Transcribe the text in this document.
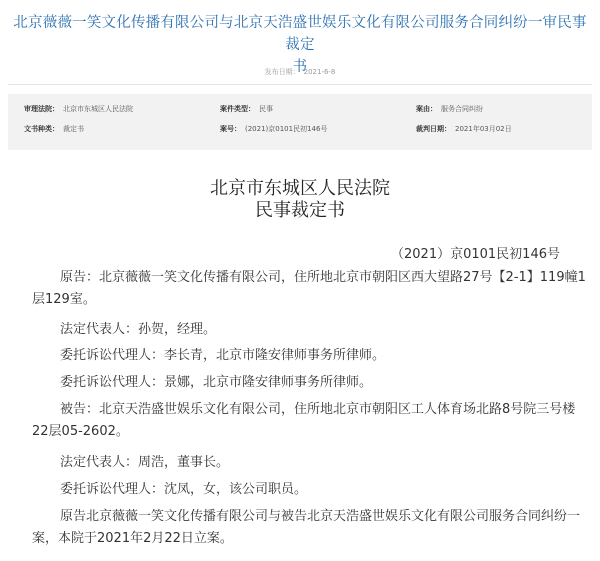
北京薇薇一笑文化传播有限公司与北京天浩盛世娱乐文化有限公司服务合同纠纷一审民事裁定
书
发布日期： 2021-6-8
审理法院： 北京市东城区人民法院	案件类型： 民事	案由： 服务合同纠纷
文书种类： 裁定书	案号： (2021)京0101民初146号	裁判日期： 2021年03月02日
北京市东城区人民法院
民事裁定书
（2021）京0101民初146号
原告：北京薇薇一笑文化传播有限公司，住所地北京市朝阳区西大望路27号【2-1】119幢1层129室。
法定代表人：孙贺，经理。
委托诉讼代理人：李长青，北京市隆安律师事务所律师。
委托诉讼代理人：景娜，北京市隆安律师事务所律师。
被告：北京天浩盛世娱乐文化有限公司，住所地北京市朝阳区工人体育场北路8号院三号楼22层05-2602。
法定代表人：周浩，董事长。
委托诉讼代理人：沈凤，女，该公司职员。
原告北京薇薇一笑文化传播有限公司与被告北京天浩盛世娱乐文化有限公司服务合同纠纷一案，本院于2021年2月22日立案。
